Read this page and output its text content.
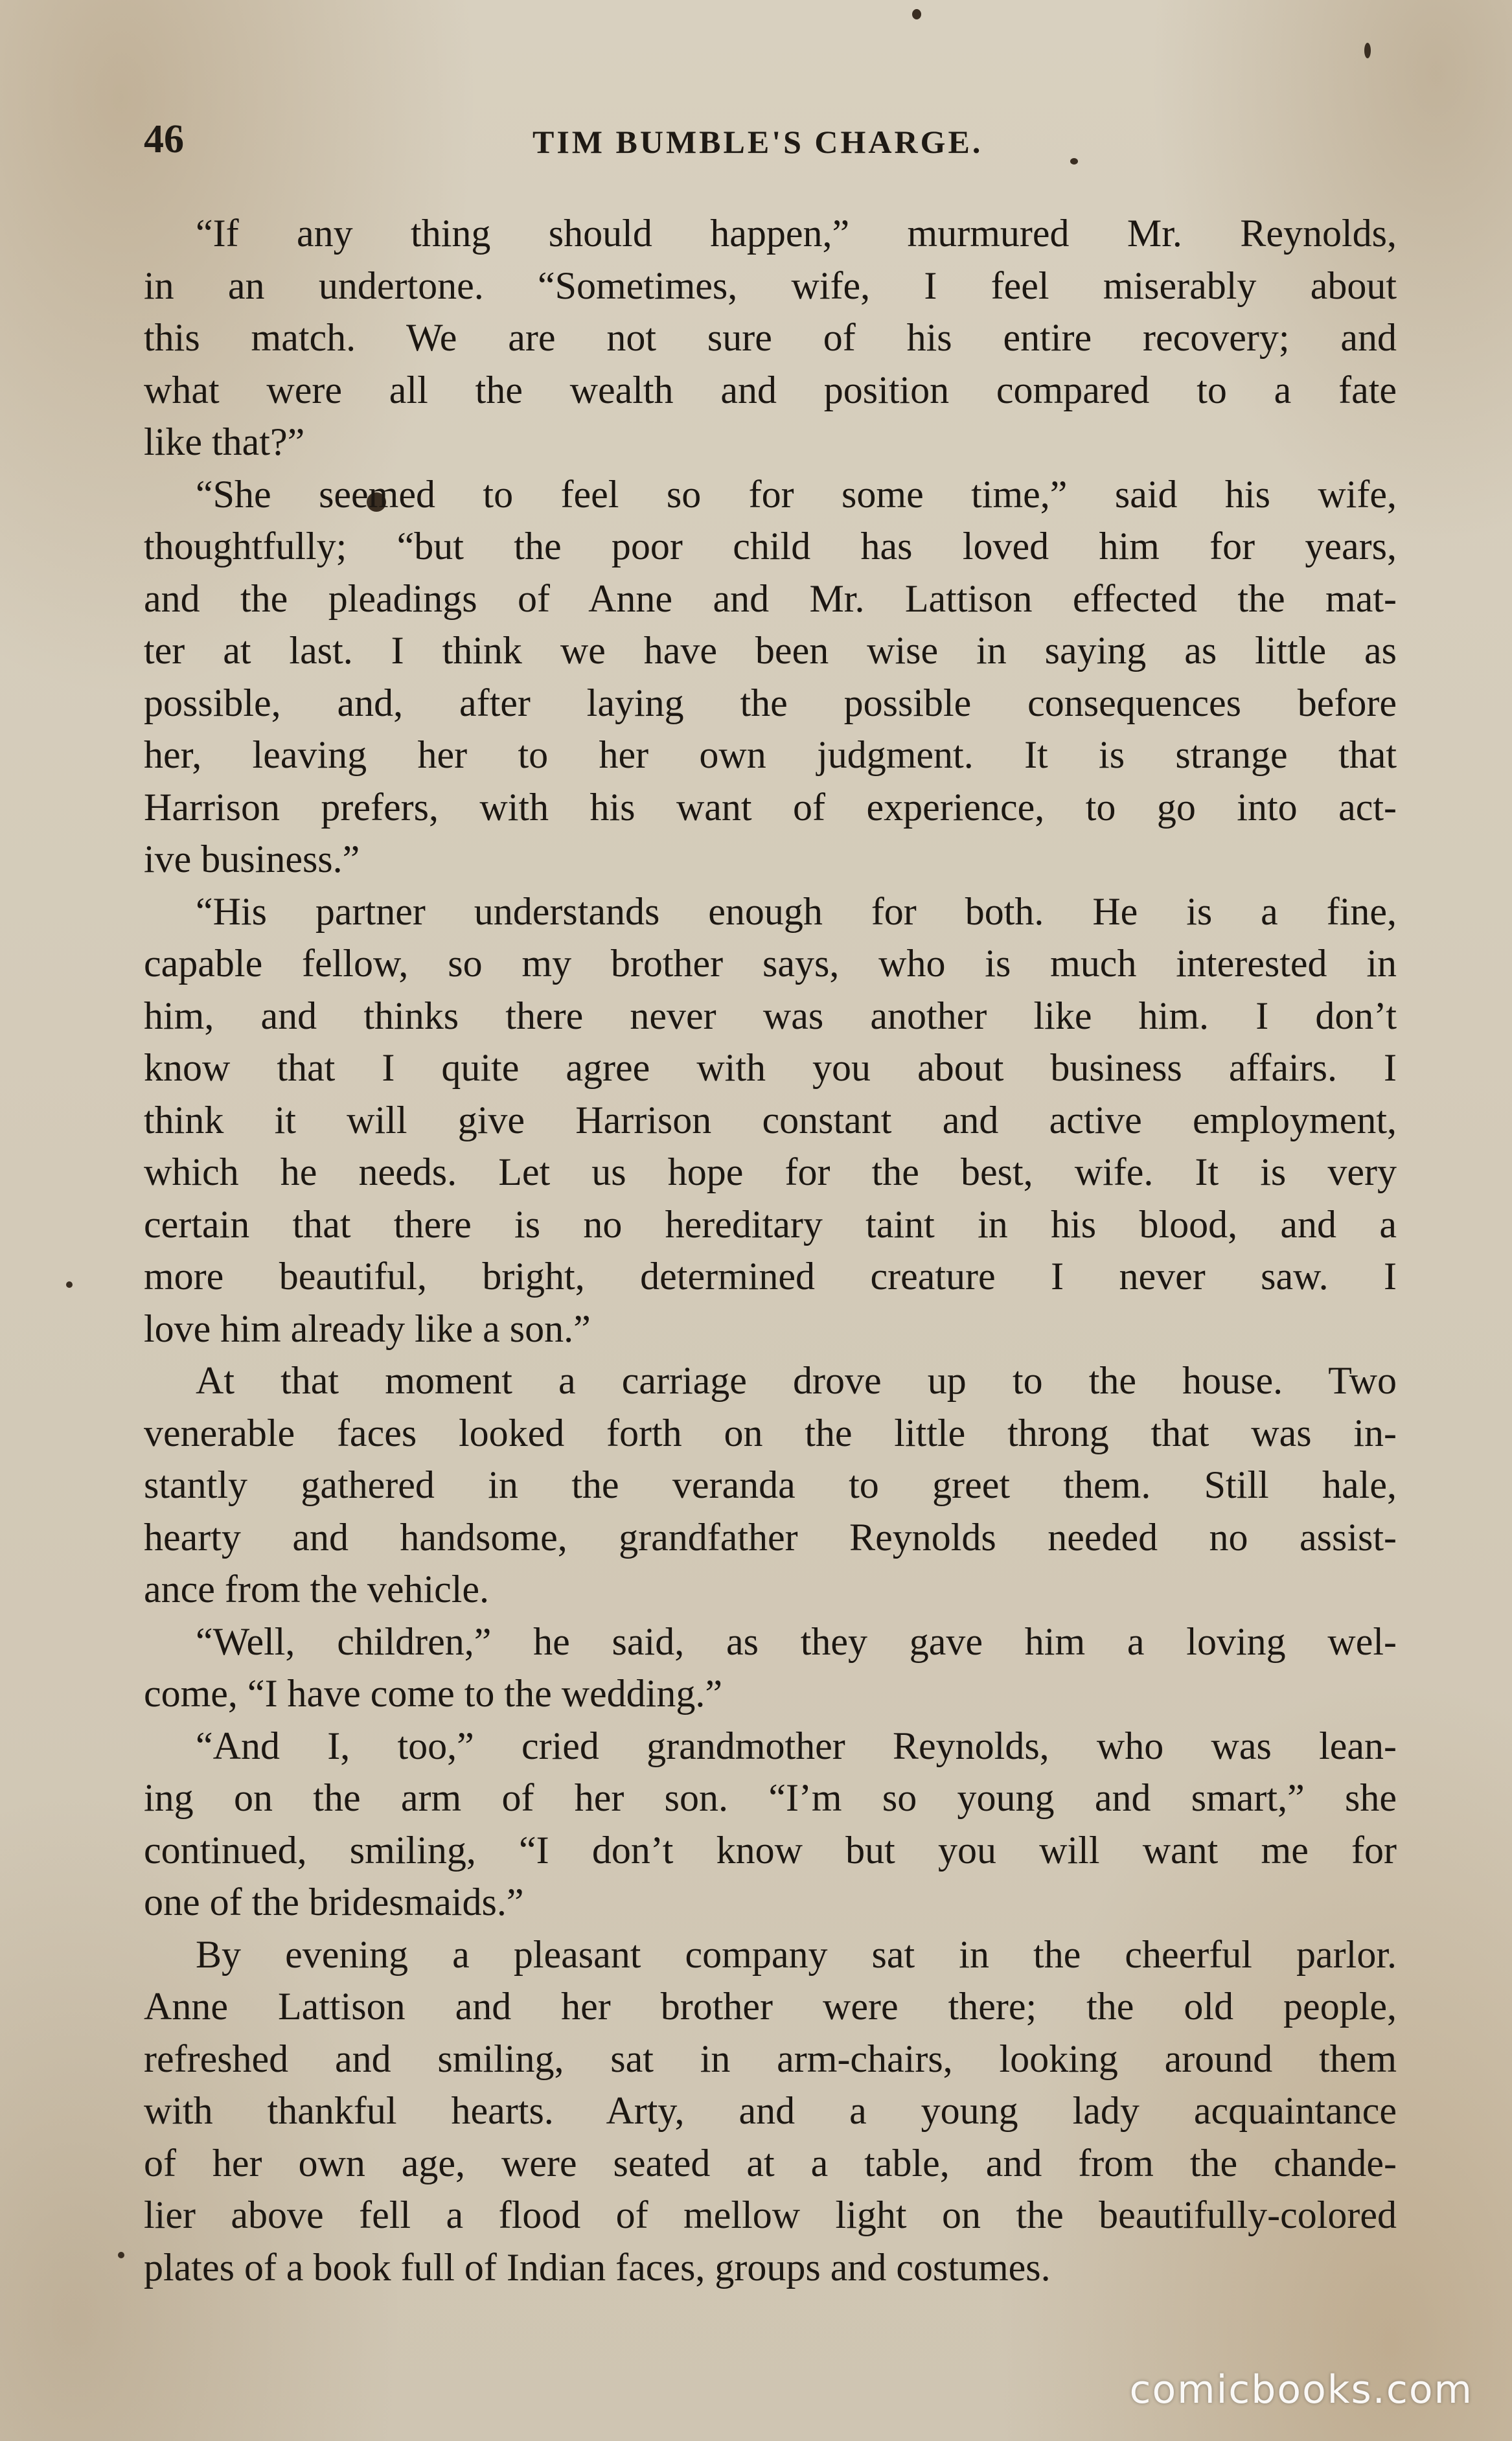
46	TIM BUMBLE'S CHARGE.
“If any thing should happen,” murmured Mr. Reynolds,
in an undertone. “Sometimes, wife, I feel miserably about
this match. We are not sure of his entire recovery; and
what were all the wealth and position compared to a fate
like that?”
“She seemed to feel so for some time,” said his wife,
thoughtfully; “but the poor child has loved him for years,
and the pleadings of Anne and Mr. Lattison effected the mat-
ter at last. I think we have been wise in saying as little as
possible, and, after laying the possible consequences before
her, leaving her to her own judgment. It is strange that
Harrison prefers, with his want of experience, to go into act-
ive business.”
“His partner understands enough for both. He is a fine,
capable fellow, so my brother says, who is much interested in
him, and thinks there never was another like him. I don’t
know that I quite agree with you about business affairs. I
think it will give Harrison constant and active employment,
which he needs. Let us hope for the best, wife. It is very
certain that there is no hereditary taint in his blood, and a
more beautiful, bright, determined creature I never saw. I
love him already like a son.”
At that moment a carriage drove up to the house. Two
venerable faces looked forth on the little throng that was in-
stantly gathered in the veranda to greet them. Still hale,
hearty and handsome, grandfather Reynolds needed no assist-
ance from the vehicle.
“Well, children,” he said, as they gave him a loving wel-
come, “I have come to the wedding.”
“And I, too,” cried grandmother Reynolds, who was lean-
ing on the arm of her son. “I’m so young and smart,” she
continued, smiling, “I don’t know but you will want me for
one of the bridesmaids.”
By evening a pleasant company sat in the cheerful parlor.
Anne Lattison and her brother were there; the old people,
refreshed and smiling, sat in arm-chairs, looking around them
with thankful hearts. Arty, and a young lady acquaintance
of her own age, were seated at a table, and from the chande-
lier above fell a flood of mellow light on the beautifully-colored
plates of a book full of Indian faces, groups and costumes.
comicbooks.com
